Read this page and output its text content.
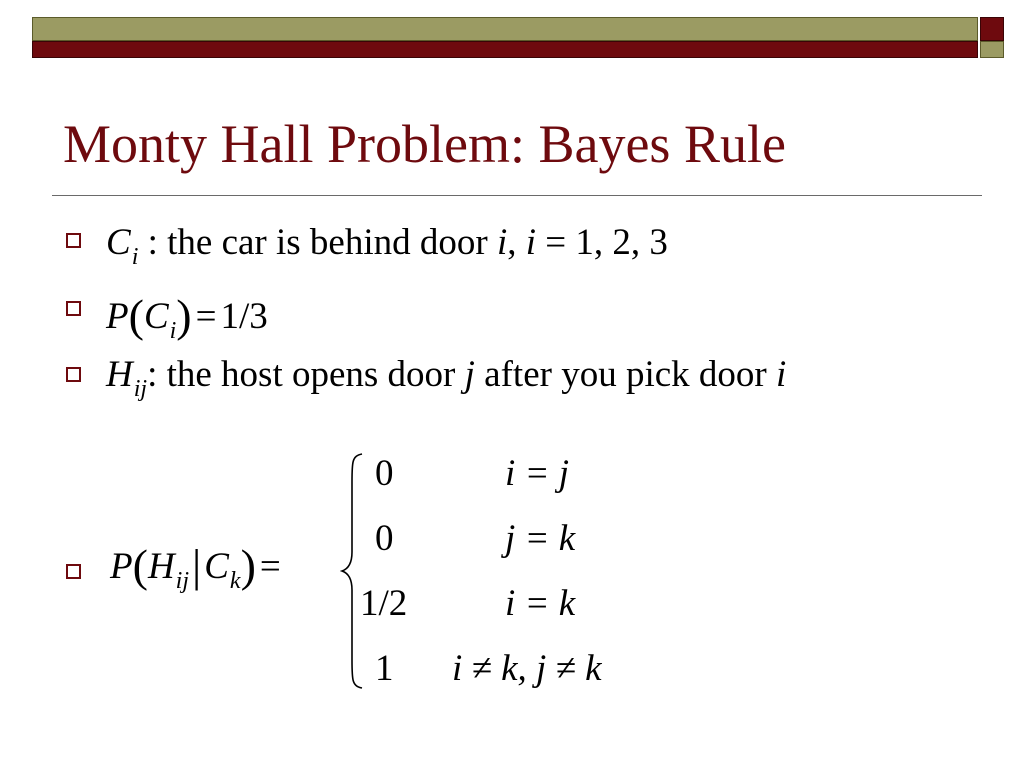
Monty Hall Problem: Bayes Rule
$C_i$ : the car is behind door i, i = 1, 2, 3
$P(C_i) = 1/3$
$H_{ij}$: the host opens door j after you pick door i
$P(H_{ij}|C_k)$ =
0	i = j
0	j = k
1/2	i = k
1 i ≠ k, j ≠ k
